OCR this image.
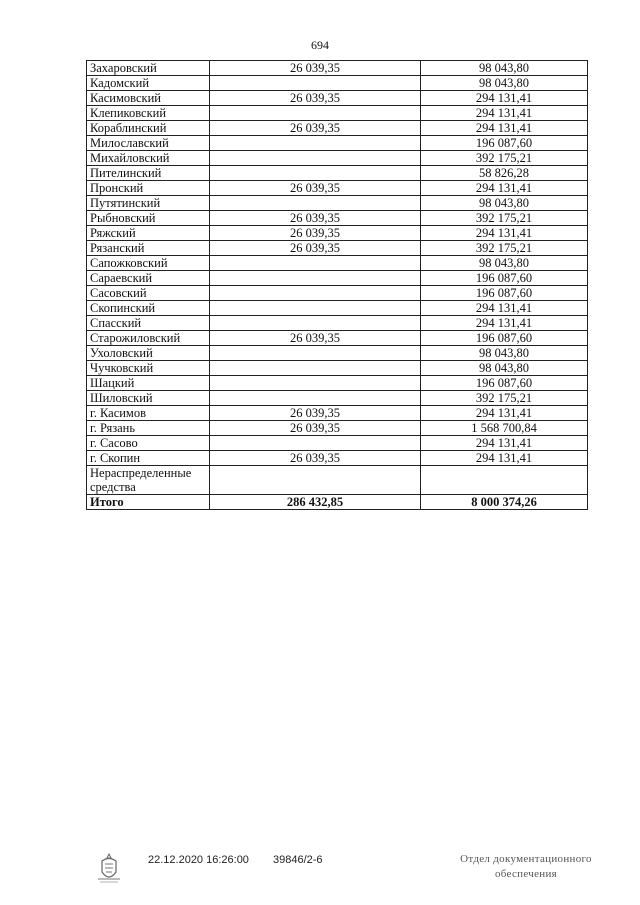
694
Захаровский	26 039,35	98 043,80
Кадомский		98 043,80
Касимовский	26 039,35	294 131,41
Клепиковский		294 131,41
Кораблинский	26 039,35	294 131,41
Милославский		196 087,60
Михайловский		392 175,21
Пителинский		58 826,28
Пронский	26 039,35	294 131,41
Путятинский		98 043,80
Рыбновский	26 039,35	392 175,21
Ряжский	26 039,35	294 131,41
Рязанский	26 039,35	392 175,21
Сапожковский		98 043,80
Сараевский		196 087,60
Сасовский		196 087,60
Скопинский		294 131,41
Спасский		294 131,41
Старожиловский	26 039,35	196 087,60
Ухоловский		98 043,80
Чучковский		98 043,80
Шацкий		196 087,60
Шиловский		392 175,21
г. Касимов	26 039,35	294 131,41
г. Рязань	26 039,35	1 568 700,84
г. Сасово		294 131,41
г. Скопин	26 039,35	294 131,41
Нераспределенные средства		
Итого	286 432,85	8 000 374,26
22.12.2020 16:26:00 39846/2-6	Отдел документационного
обеспечения
